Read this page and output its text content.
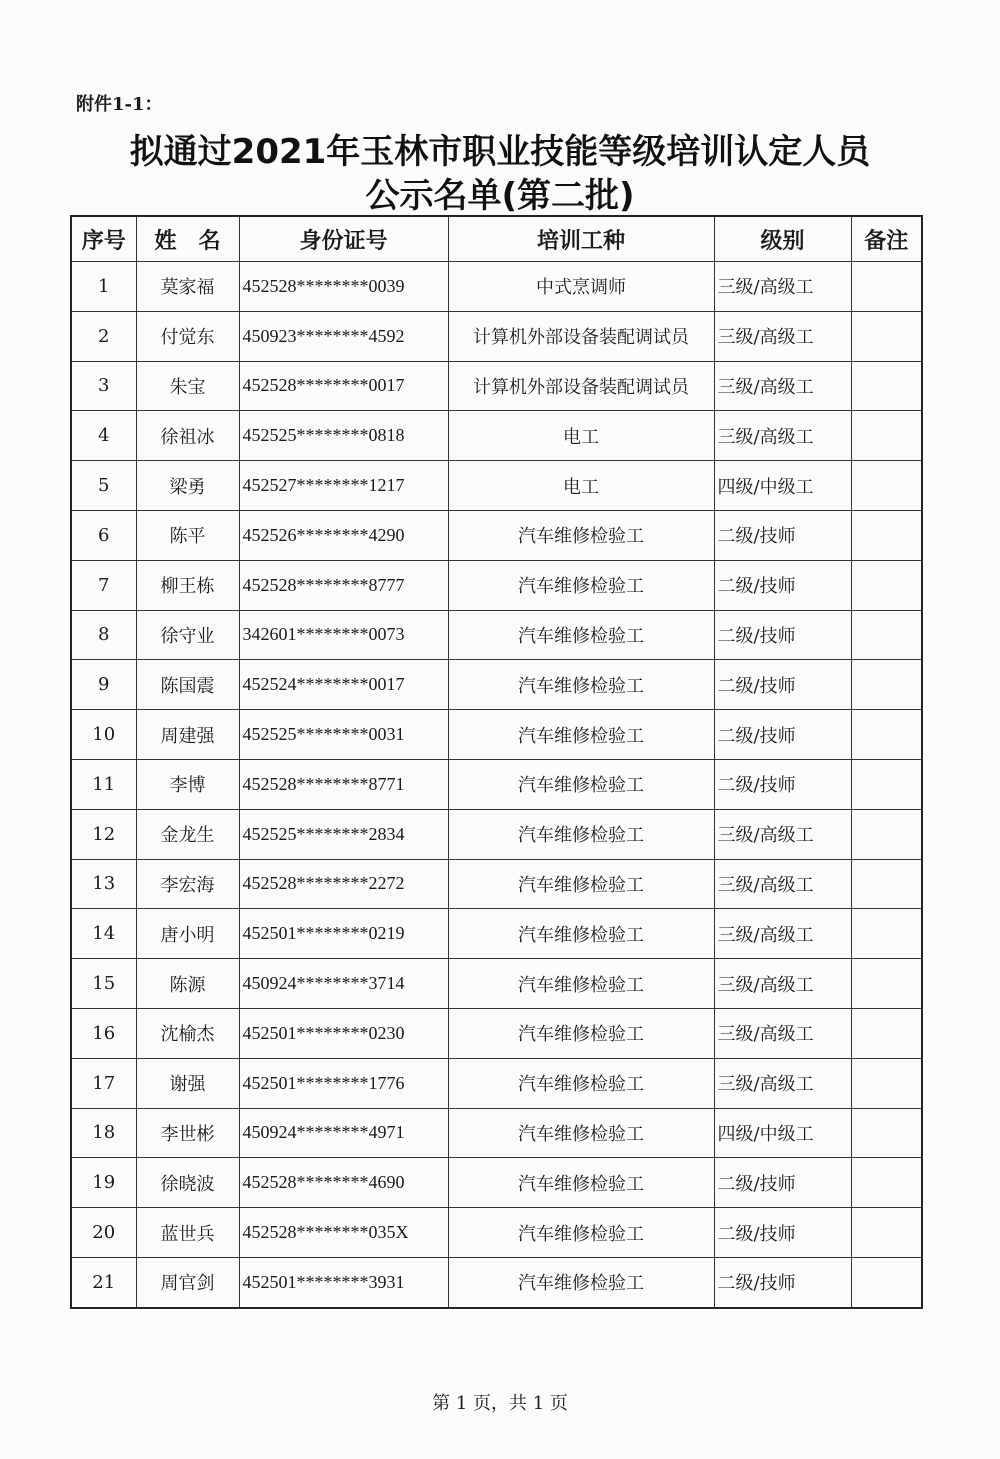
附件1-1：
拟通过2021年玉林市职业技能等级培训认定人员
公示名单(第二批)
序号	姓　名	身份证号	培训工种	级别	备注
1	莫家福	452528********0039	中式烹调师	三级/高级工	
2	付觉东	450923********4592	计算机外部设备装配调试员	三级/高级工	
3	朱宝	452528********0017	计算机外部设备装配调试员	三级/高级工	
4	徐祖冰	452525********0818	电工	三级/高级工	
5	梁勇	452527********1217	电工	四级/中级工	
6	陈平	452526********4290	汽车维修检验工	二级/技师	
7	柳王栋	452528********8777	汽车维修检验工	二级/技师	
8	徐守业	342601********0073	汽车维修检验工	二级/技师	
9	陈国震	452524********0017	汽车维修检验工	二级/技师	
10	周建强	452525********0031	汽车维修检验工	二级/技师	
11	李博	452528********8771	汽车维修检验工	二级/技师	
12	金龙生	452525********2834	汽车维修检验工	三级/高级工	
13	李宏海	452528********2272	汽车维修检验工	三级/高级工	
14	唐小明	452501********0219	汽车维修检验工	三级/高级工	
15	陈源	450924********3714	汽车维修检验工	三级/高级工	
16	沈榆杰	452501********0230	汽车维修检验工	三级/高级工	
17	谢强	452501********1776	汽车维修检验工	三级/高级工	
18	李世彬	450924********4971	汽车维修检验工	四级/中级工	
19	徐晓波	452528********4690	汽车维修检验工	二级/技师	
20	蓝世兵	452528********035X	汽车维修检验工	二级/技师	
21	周官剑	452501********3931	汽车维修检验工	二级/技师	
第 1 页，共 1 页
